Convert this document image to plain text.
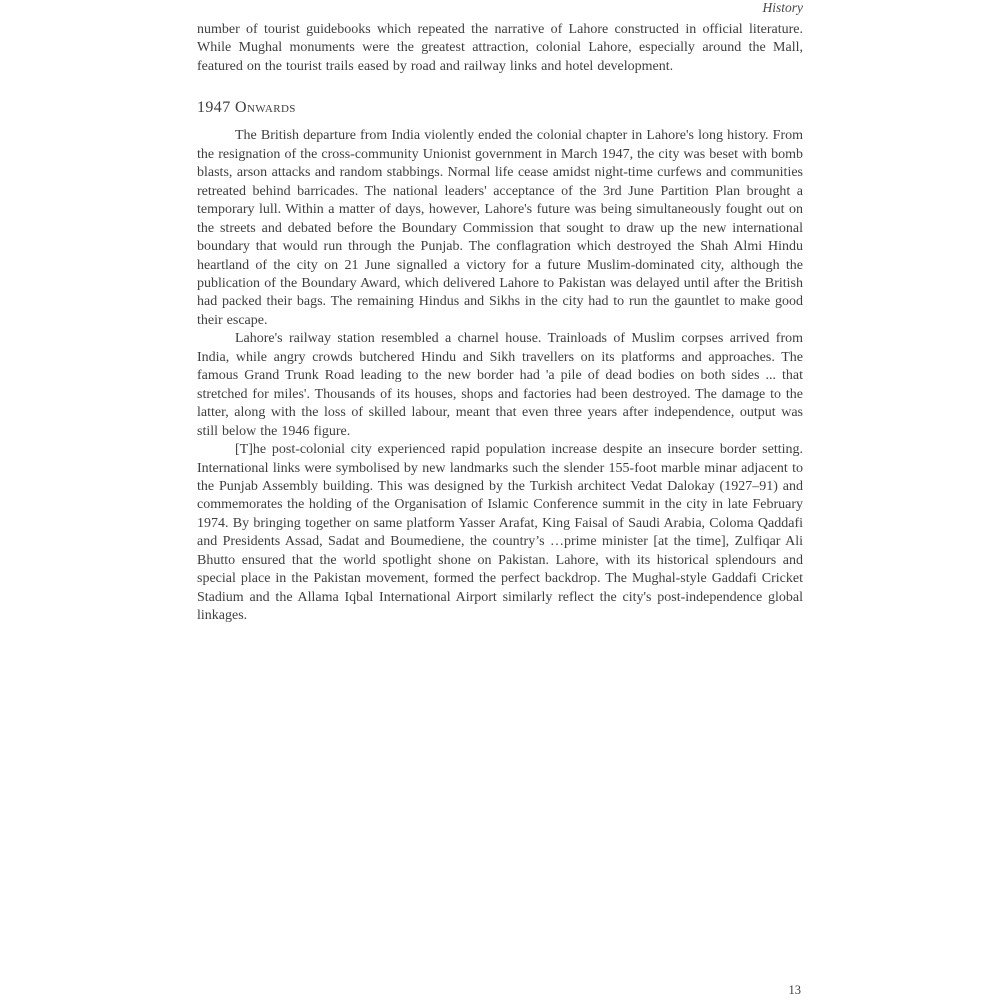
History

number of tourist guidebooks which repeated the narrative of Lahore constructed in official literature. While Mughal monuments were the greatest attraction, colonial Lahore, especially around the Mall, featured on the tourist trails eased by road and railway links and hotel development.

1947 Onwards

The British departure from India violently ended the colonial chapter in Lahore's long history. From the resignation of the cross-community Unionist government in March 1947, the city was beset with bomb blasts, arson attacks and random stabbings. Normal life cease amidst night-time curfews and communities retreated behind barricades. The national leaders' acceptance of the 3rd June Partition Plan brought a temporary lull. Within a matter of days, however, Lahore's future was being simultaneously fought out on the streets and debated before the Boundary Commission that sought to draw up the new international boundary that would run through the Punjab. The conflagration which destroyed the Shah Almi Hindu heartland of the city on 21 June signalled a victory for a future Muslim-dominated city, although the publication of the Boundary Award, which delivered Lahore to Pakistan was delayed until after the British had packed their bags. The remaining Hindus and Sikhs in the city had to run the gauntlet to make good their escape.

Lahore's railway station resembled a charnel house. Trainloads of Muslim corpses arrived from India, while angry crowds butchered Hindu and Sikh travellers on its platforms and approaches. The famous Grand Trunk Road leading to the new border had 'a pile of dead bodies on both sides ... that stretched for miles'. Thousands of its houses, shops and factories had been destroyed. The damage to the latter, along with the loss of skilled labour, meant that even three years after independence, output was still below the 1946 figure.

[T]he post-colonial city experienced rapid population increase despite an insecure border setting. International links were symbolised by new landmarks such the slender 155-foot marble minar adjacent to the Punjab Assembly building. This was designed by the Turkish architect Vedat Dalokay (1927–91) and commemorates the holding of the Organisation of Islamic Conference summit in the city in late February 1974. By bringing together on same platform Yasser Arafat, King Faisal of Saudi Arabia, Coloma Qaddafi and Presidents Assad, Sadat and Boumediene, the country’s …prime minister [at the time], Zulfiqar Ali Bhutto ensured that the world spotlight shone on Pakistan. Lahore, with its historical splendours and special place in the Pakistan movement, formed the perfect backdrop. The Mughal-style Gaddafi Cricket Stadium and the Allama Iqbal International Airport similarly reflect the city's post-independence global linkages.

13
